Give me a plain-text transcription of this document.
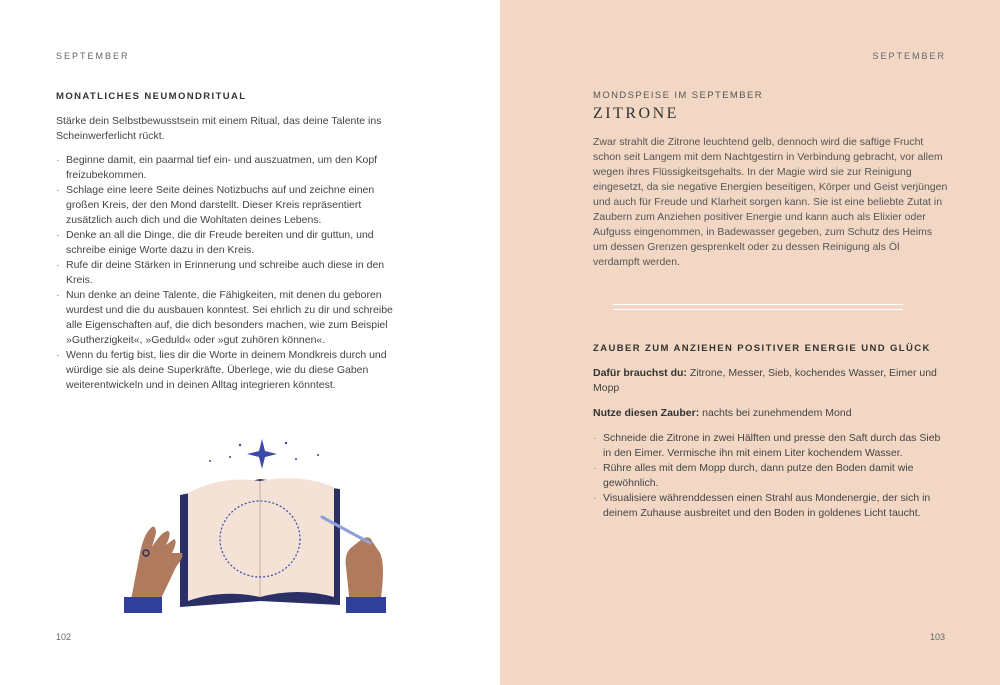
SEPTEMBER
MONATLICHES NEUMONDRITUAL

Stärke dein Selbstbewusstsein mit einem Ritual, das deine Talente ins Scheinwerferlicht rückt.

· Beginne damit, ein paarmal tief ein- und auszuatmen, um den Kopf freizubekommen.
· Schlage eine leere Seite deines Notizbuchs auf und zeichne einen großen Kreis, der den Mond darstellt. Dieser Kreis repräsentiert zusätzlich auch dich und die Wohltaten deines Lebens.
· Denke an all die Dinge, die dir Freude bereiten und dir guttun, und schreibe einige Worte dazu in den Kreis.
· Rufe dir deine Stärken in Erinnerung und schreibe auch diese in den Kreis.
· Nun denke an deine Talente, die Fähigkeiten, mit denen du geboren wurdest und die du ausbauen konntest. Sei ehrlich zu dir und schreibe alle Eigenschaften auf, die dich besonders machen, wie zum Beispiel »Gutherzigkeit«, »Geduld« oder »gut zuhören können«.
· Wenn du fertig bist, lies dir die Worte in deinem Mondkreis durch und würdige sie als deine Superkräfte. Überlege, wie du diese Gaben weiterentwickeln und in deinen Alltag integrieren könntest.
102
SEPTEMBER
MONDSPEISE IM SEPTEMBER
ZITRONE

Zwar strahlt die Zitrone leuchtend gelb, dennoch wird die saftige Frucht schon seit Langem mit dem Nachtgestirn in Verbindung gebracht, vor allem wegen ihres Flüssigkeitsgehalts. In der Magie wird sie zur Reinigung eingesetzt, da sie negative Energien beseitigen, Körper und Geist verjüngen und auch für Freude und Klarheit sorgen kann. Sie ist eine beliebte Zutat in Zaubern zum Anziehen positiver Energie und kann auch als Elixier oder Aufguss eingenommen, in Badewasser gegeben, zum Schutz des Heims um dessen Grenzen gesprenkelt oder zu dessen Reinigung als Öl verdampft werden.

ZAUBER ZUM ANZIEHEN POSITIVER ENERGIE UND GLÜCK

Dafür brauchst du: Zitrone, Messer, Sieb, kochendes Wasser, Eimer und Mopp

Nutze diesen Zauber: nachts bei zunehmendem Mond

· Schneide die Zitrone in zwei Hälften und presse den Saft durch das Sieb in den Eimer. Vermische ihn mit einem Liter kochendem Wasser.
· Rühre alles mit dem Mopp durch, dann putze den Boden damit wie gewöhnlich.
· Visualisiere währenddessen einen Strahl aus Mondenergie, der sich in deinem Zuhause ausbreitet und den Boden in goldenes Licht taucht.
103
